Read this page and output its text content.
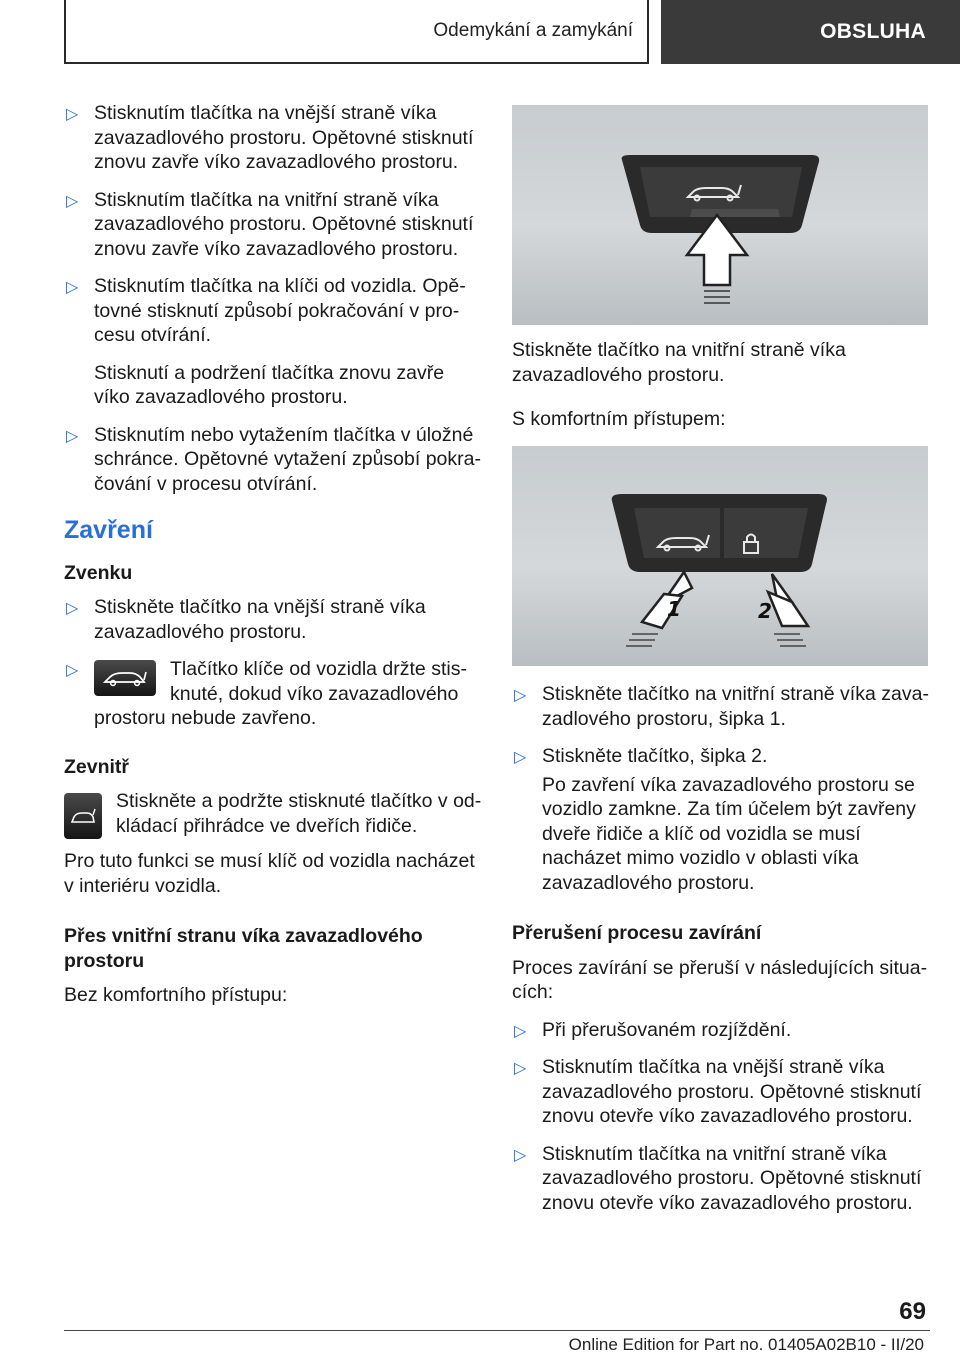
Odemykání a zamykání	OBSLUHA
▷ Stisknutím tlačítka na vnější straně víka zavazadlového prostoru. Opětovné stisknutí znovu zavře víko zavazadlového prostoru.
▷ Stisknutím tlačítka na vnitřní straně víka zavazadlového prostoru. Opětovné stisknutí znovu zavře víko zavazadlového prostoru.
▷ Stisknutím tlačítka na klíči od vozidla. Opětovné stisknutí způsobí pokračování v procesu otvírání.
Stisknutí a podržení tlačítka znovu zavře víko zavazadlového prostoru.
▷ Stisknutím nebo vytažením tlačítka v úložné schránce. Opětovné vytažení způsobí pokračování v procesu otvírání.
Zavření
Zvenku
▷ Stiskněte tlačítko na vnější straně víka zavazadlového prostoru.
▷	Tlačítko klíče od vozidla držte stisknuté, dokud víko zavazadlového
prostoru nebude zavřeno.
Zevnitř
Stiskněte a podržte stisknuté tlačítko v odkládací přihrádce ve dveřích řidiče.

Pro tuto funkci se musí klíč od vozidla nacházet v interiéru vozidla.

Přes vnitřní stranu víka zavazadlového prostoru

Bez komfortního přístupu:

1	2

Stiskněte tlačítko na vnitřní straně víka zavazadlového prostoru.

S komfortním přístupem:

▷ Stiskněte tlačítko na vnitřní straně víka zavazadlového prostoru, šipka 1.
▷ Stiskněte tlačítko, šipka 2.
Po zavření víka zavazadlového prostoru se vozidlo zamkne. Za tím účelem být zavřeny dveře řidiče a klíč od vozidla se musí nacházet mimo vozidlo v oblasti víka zavazadlového prostoru.
Přerušení procesu zavírání

Proces zavírání se přeruší v následujících situacích:

▷ Při přerušovaném rozjíždění.
▷ Stisknutím tlačítka na vnější straně víka zavazadlového prostoru. Opětovné stisknutí znovu otevře víko zavazadlového prostoru.
▷ Stisknutím tlačítka na vnitřní straně víka zavazadlového prostoru. Opětovné stisknutí znovu otevře víko zavazadlového prostoru.
69
Online Edition for Part no. 01405A02B10 - II/20
